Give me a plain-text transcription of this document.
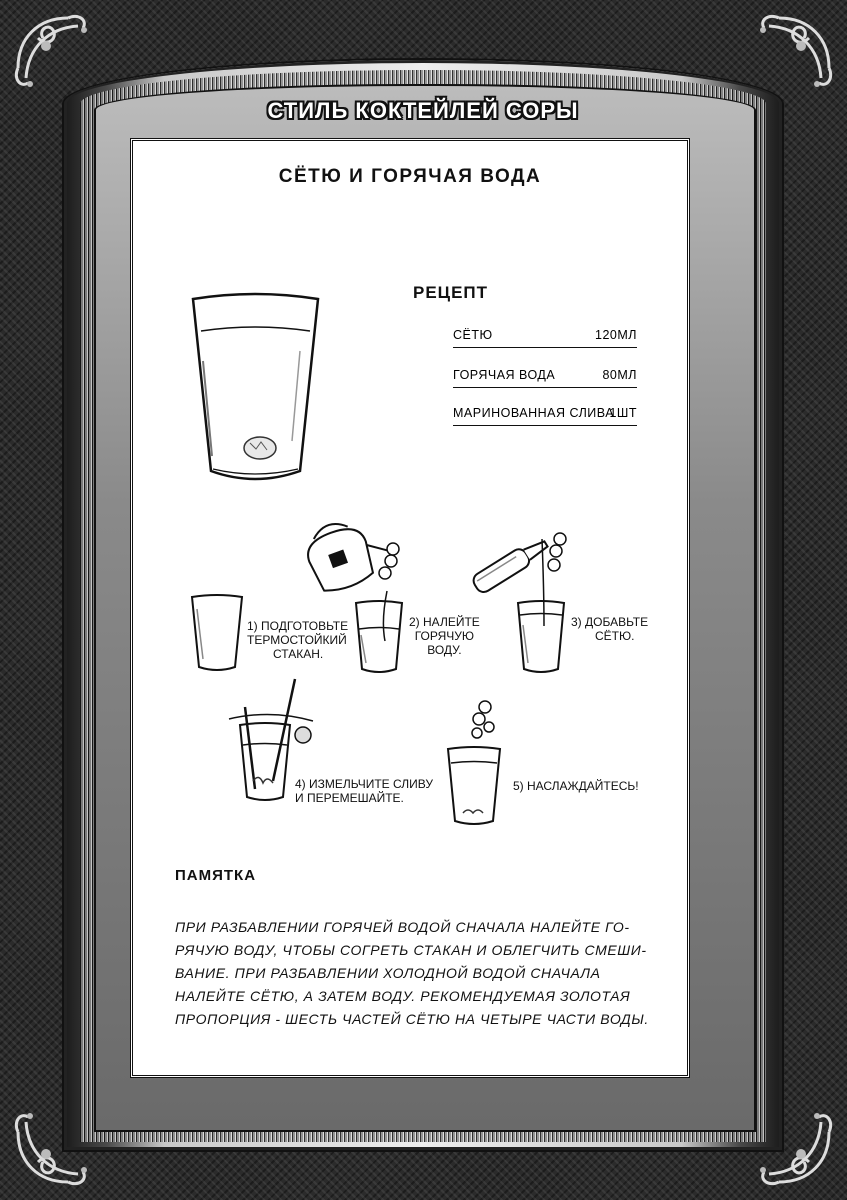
СТИЛЬ КОКТЕЙЛЕЙ СОРЫ
СЁТЮ И ГОРЯЧАЯ ВОДА
РЕЦЕПТ
СЁТЮ	120МЛ
ГОРЯЧАЯ ВОДА	80МЛ
МАРИНОВАННАЯ СЛИВА
1ШТ
1) ПОДГОТОВЬТЕ
ТЕРМОСТОЙКИЙ
СТАКАН.
2) НАЛЕЙТЕ
ГОРЯЧУЮ
ВОДУ.
3) ДОБАВЬТЕ
СЁТЮ.
4) ИЗМЕЛЬЧИТЕ СЛИВУ
И ПЕРЕМЕШАЙТЕ.
5) НАСЛАЖДАЙТЕСЬ!
ПАМЯТКА
ПРИ РАЗБАВЛЕНИИ ГОРЯЧЕЙ ВОДОЙ СНАЧАЛА НАЛЕЙТЕ ГО-
РЯЧУЮ ВОДУ, ЧТОБЫ СОГРЕТЬ СТАКАН И ОБЛЕГЧИТЬ СМЕШИ-
ВАНИЕ. ПРИ РАЗБАВЛЕНИИ ХОЛОДНОЙ ВОДОЙ СНАЧАЛА
НАЛЕЙТЕ СЁТЮ, А ЗАТЕМ ВОДУ. РЕКОМЕНДУЕМАЯ ЗОЛОТАЯ
ПРОПОРЦИЯ - ШЕСТЬ ЧАСТЕЙ СЁТЮ НА ЧЕТЫРЕ ЧАСТИ ВОДЫ.
